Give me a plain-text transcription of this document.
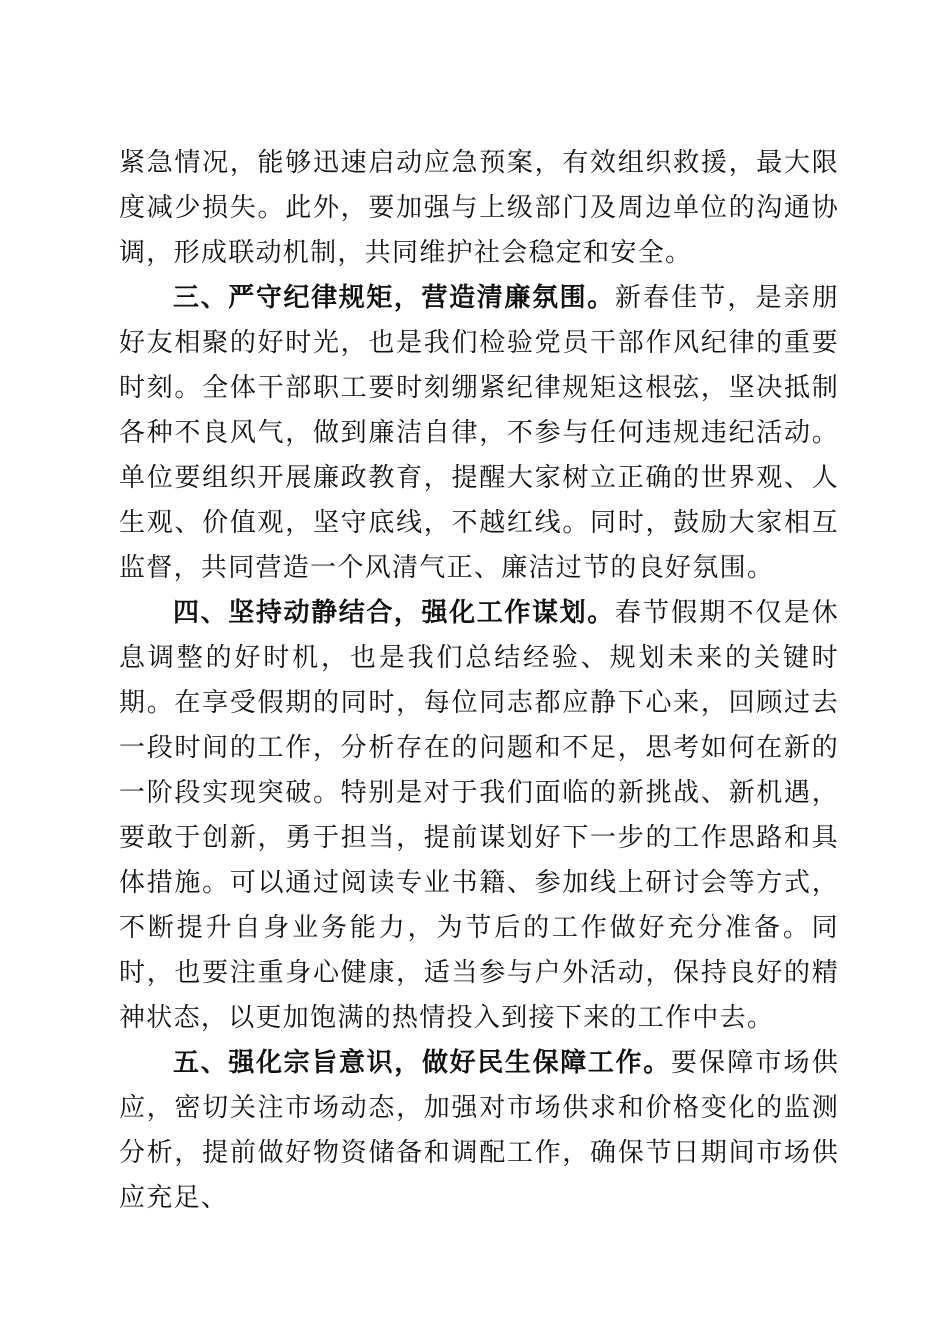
紧急情况，能够迅速启动应急预案，有效组织救援，最大限度减少损失。此外，要加强与上级部门及周边单位的沟通协调，形成联动机制，共同维护社会稳定和安全。

三、严守纪律规矩，营造清廉氛围。新春佳节，是亲朋好友相聚的好时光，也是我们检验党员干部作风纪律的重要时刻。全体干部职工要时刻绷紧纪律规矩这根弦，坚决抵制各种不良风气，做到廉洁自律，不参与任何违规违纪活动。单位要组织开展廉政教育，提醒大家树立正确的世界观、人生观、价值观，坚守底线，不越红线。同时，鼓励大家相互监督，共同营造一个风清气正、廉洁过节的良好氛围。

四、坚持动静结合，强化工作谋划。春节假期不仅是休息调整的好时机，也是我们总结经验、规划未来的关键时期。在享受假期的同时，每位同志都应静下心来，回顾过去一段时间的工作，分析存在的问题和不足，思考如何在新的一阶段实现突破。特别是对于我们面临的新挑战、新机遇，要敢于创新，勇于担当，提前谋划好下一步的工作思路和具体措施。可以通过阅读专业书籍、参加线上研讨会等方式，不断提升自身业务能力，为节后的工作做好充分准备。同时，也要注重身心健康，适当参与户外活动，保持良好的精神状态，以更加饱满的热情投入到接下来的工作中去。

五、强化宗旨意识，做好民生保障工作。要保障市场供应，密切关注市场动态，加强对市场供求和价格变化的监测分析，提前做好物资储备和调配工作，确保节日期间市场供应充足、
